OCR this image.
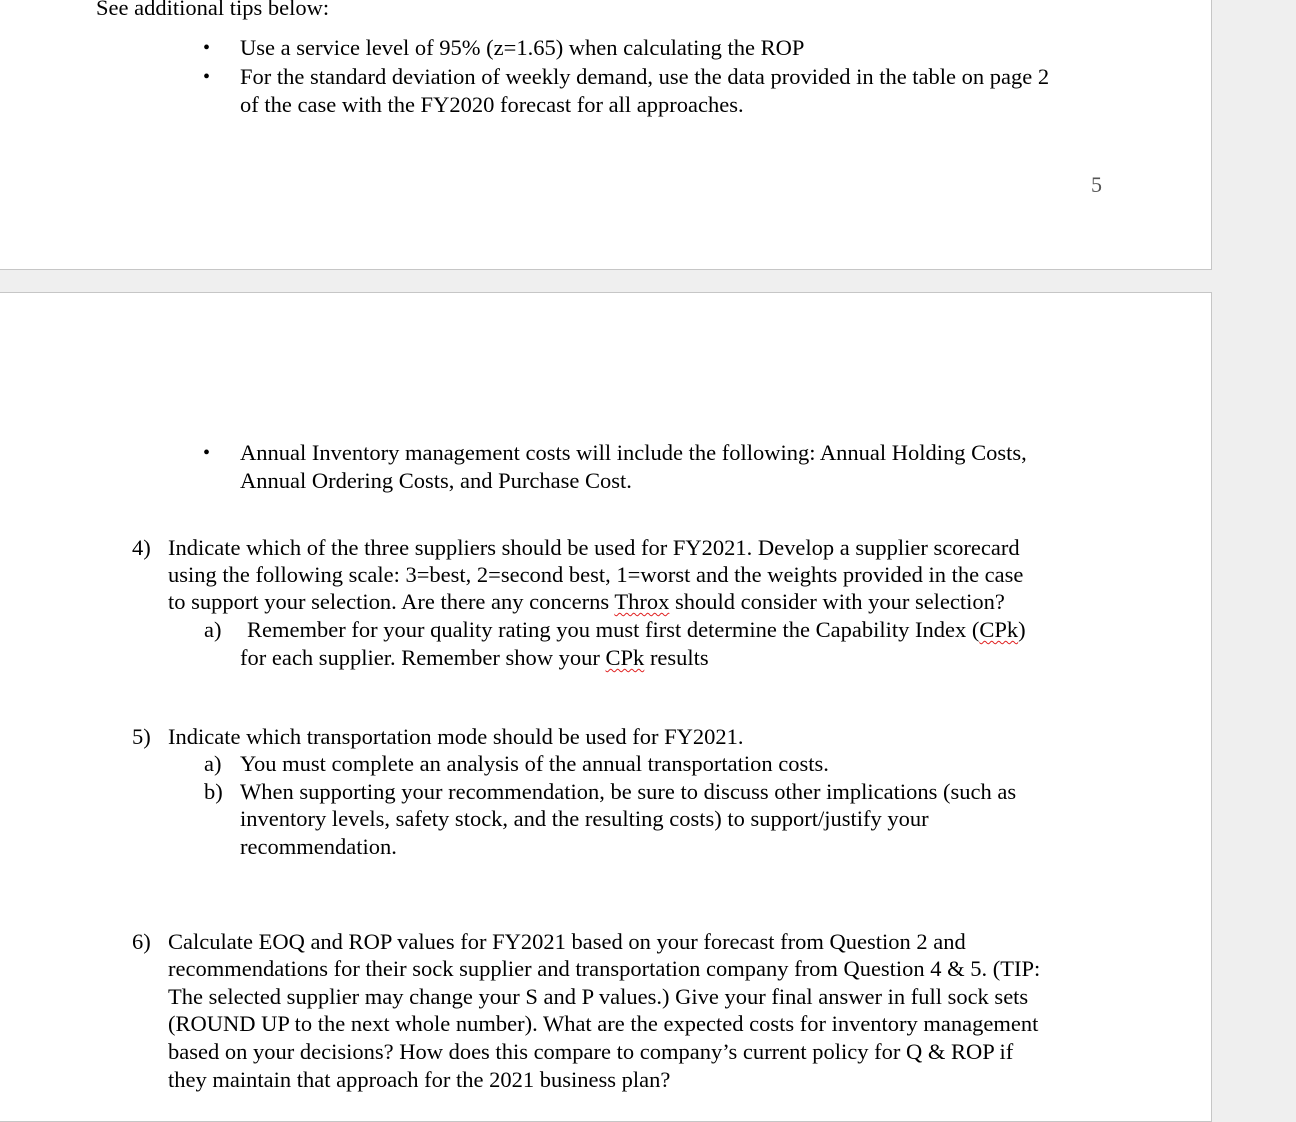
5
See additional tips below:
• Use a service level of 95% (z=1.65) when calculating the ROP
• For the standard deviation of weekly demand, use the data provided in the table on page 2
of the case with the FY2020 forecast for all approaches.
• Annual Inventory management costs will include the following: Annual Holding Costs,
Annual Ordering Costs, and Purchase Cost.
4) Indicate which of the three suppliers should be used for FY2021. Develop a supplier scorecard
using the following scale: 3=best, 2=second best, 1=worst and the weights provided in the case
to support your selection. Are there any concerns Throx should consider with your selection?
a) Remember for your quality rating you must first determine the Capability Index (CPk)
for each supplier. Remember show your CPk results
5) Indicate which transportation mode should be used for FY2021.
a) You must complete an analysis of the annual transportation costs.
b) When supporting your recommendation, be sure to discuss other implications (such as
inventory levels, safety stock, and the resulting costs) to support/justify your
recommendation.
6) Calculate EOQ and ROP values for FY2021 based on your forecast from Question 2 and
recommendations for their sock supplier and transportation company from Question 4 & 5. (TIP:
The selected supplier may change your S and P values.) Give your final answer in full sock sets
(ROUND UP to the next whole number). What are the expected costs for inventory management
based on your decisions? How does this compare to company’s current policy for Q & ROP if
they maintain that approach for the 2021 business plan?
